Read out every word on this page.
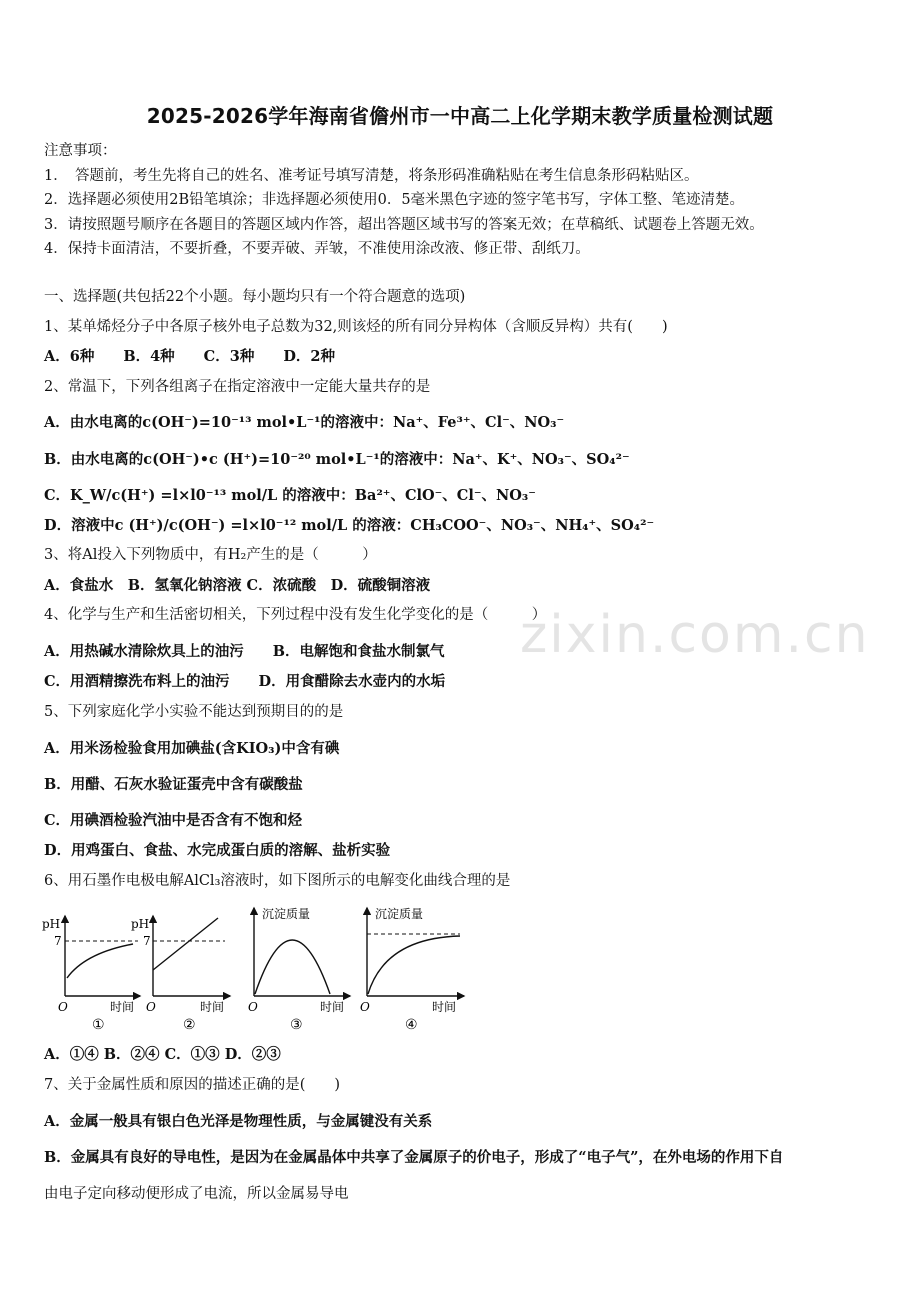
zixin.com.cn
2025-2026学年海南省儋州市一中高二上化学期末教学质量检测试题
注意事项：
1．　答题前，考生先将自己的姓名、准考证号填写清楚，将条形码准确粘贴在考生信息条形码粘贴区。
2．选择题必须使用2B铅笔填涂；非选择题必须使用0．5毫米黑色字迹的签字笔书写，字体工整、笔迹清楚。
3．请按照题号顺序在各题目的答题区域内作答，超出答题区域书写的答案无效；在草稿纸、试题卷上答题无效。
4．保持卡面清洁，不要折叠，不要弄破、弄皱，不准使用涂改液、修正带、刮纸刀。
一、选择题(共包括22个小题。每小题均只有一个符合题意的选项)
1、某单烯烃分子中各原子核外电子总数为32,则该烃的所有同分异构体（含顺反异构）共有(　　)
A．6种　　B．4种　　C．3种　　D．2种
2、常温下，下列各组离子在指定溶液中一定能大量共存的是
A．由水电离的c(OH⁻)=10⁻¹³ mol•L⁻¹的溶液中：Na⁺、Fe³⁺、Cl⁻、NO₃⁻
B．由水电离的c(OH⁻)•c (H⁺)=10⁻²⁰ mol•L⁻¹的溶液中：Na⁺、K⁺、NO₃⁻、SO₄²⁻
C．K_W/c(H⁺) =l×l0⁻¹³ mol/L 的溶液中：Ba²⁺、ClO⁻、Cl⁻、NO₃⁻
D．溶液中c (H⁺)/c(OH⁻) =l×l0⁻¹² mol/L 的溶液：CH₃COO⁻、NO₃⁻、NH₄⁺、SO₄²⁻
3、将Al投入下列物质中，有H₂产生的是（　　　）
A．食盐水　B．氢氧化钠溶液 C．浓硫酸　D．硫酸铜溶液
4、化学与生产和生活密切相关，下列过程中没有发生化学变化的是（　　　）
A．用热碱水清除炊具上的油污　　B．电解饱和食盐水制氯气
C．用酒精擦洗布料上的油污　　D．用食醋除去水壶内的水垢
5、下列家庭化学小实验不能达到预期目的的是
A．用米汤检验食用加碘盐(含KIO₃)中含有碘
B．用醋、石灰水验证蛋壳中含有碳酸盐
C．用碘酒检验汽油中是否含有不饱和烃
D．用鸡蛋白、食盐、水完成蛋白质的溶解、盐析实验
6、用石墨作电极电解AlCl₃溶液时，如下图所示的电解变化曲线合理的是
pH
7
O	时间
①
pH
7
O	时间
②
沉淀质量
O	时间
③
沉淀质量
O	时间
④
A．①④ B．②④ C．①③ D．②③
7、关于金属性质和原因的描述正确的是(　　)
A．金属一般具有银白色光泽是物理性质，与金属键没有关系
B．金属具有良好的导电性，是因为在金属晶体中共享了金属原子的价电子，形成了“电子气”，在外电场的作用下自
由电子定向移动便形成了电流，所以金属易导电
